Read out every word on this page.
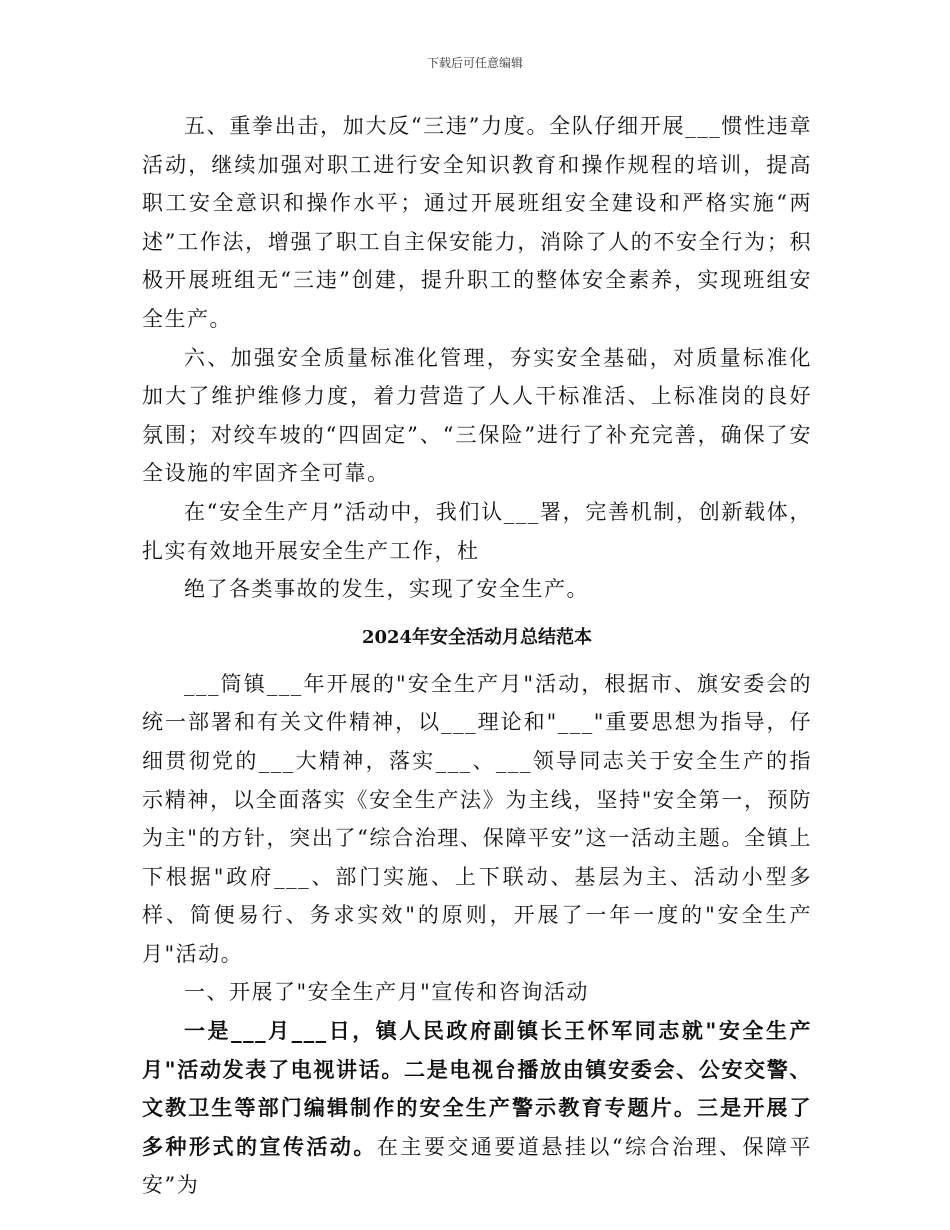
下载后可任意编辑

五、重拳出击，加大反“三违”力度。全队仔细开展___惯性违章活动，继续加强对职工进行安全知识教育和操作规程的培训，提高职工安全意识和操作水平；通过开展班组安全建设和严格实施“两述”工作法，增强了职工自主保安能力，消除了人的不安全行为；积极开展班组无“三违”创建，提升职工的整体安全素养，实现班组安全生产。

六、加强安全质量标准化管理，夯实安全基础，对质量标准化加大了维护维修力度，着力营造了人人干标准活、上标准岗的良好氛围；对绞车坡的“四固定”、“三保险”进行了补充完善，确保了安全设施的牢固齐全可靠。

在“安全生产月”活动中，我们认___署，完善机制，创新载体，扎实有效地开展安全生产工作，杜

绝了各类事故的发生，实现了安全生产。

2024年安全活动月总结范本

___筒镇___年开展的"安全生产月"活动，根据市、旗安委会的统一部署和有关文件精神，以___理论和"___"重要思想为指导，仔细贯彻党的___大精神，落实___、___领导同志关于安全生产的指示精神，以全面落实《安全生产法》为主线，坚持"安全第一，预防为主"的方针，突出了“综合治理、保障平安”这一活动主题。全镇上下根据"政府___、部门实施、上下联动、基层为主、活动小型多样、简便易行、务求实效"的原则，开展了一年一度的"安全生产月"活动。

一、开展了"安全生产月"宣传和咨询活动

一是___月___日，镇人民政府副镇长王怀军同志就"安全生产月"活动发表了电视讲话。二是电视台播放由镇安委会、公安交警、文教卫生等部门编辑制作的安全生产警示教育专题片。三是开展了多种形式的宣传活动。在主要交通要道悬挂以“综合治理、保障平安”为
